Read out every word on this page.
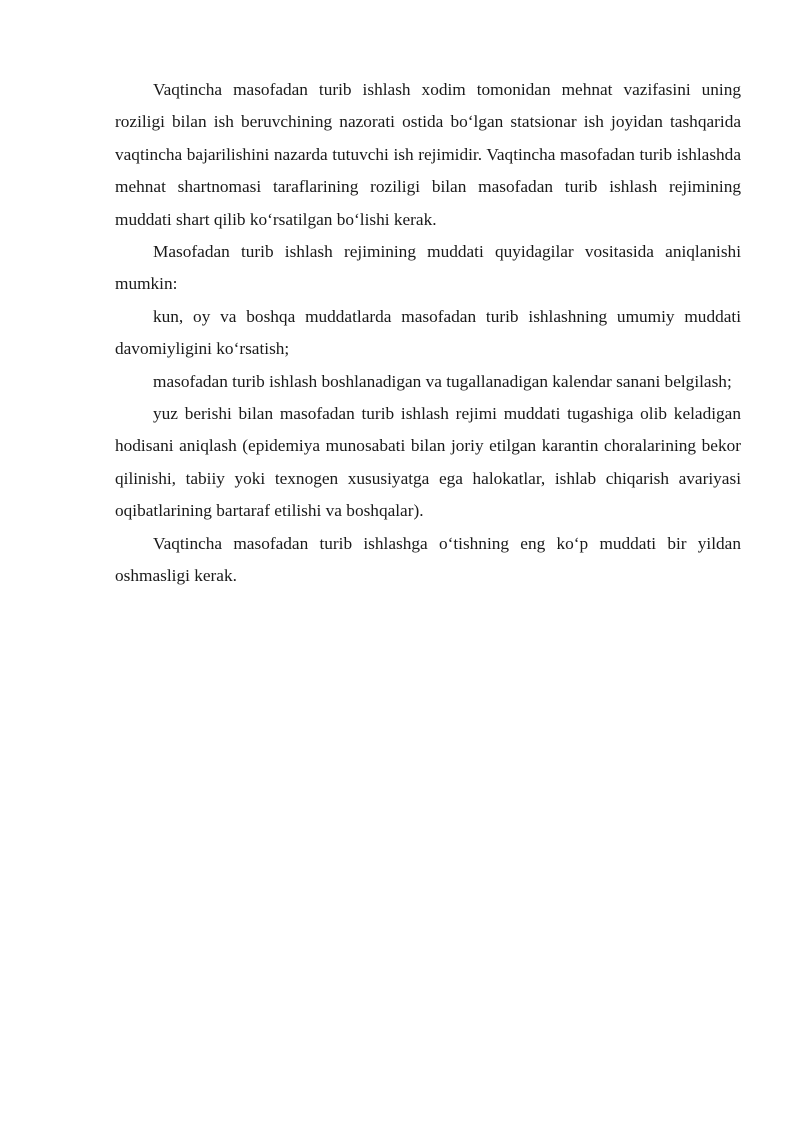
Vaqtincha masofadan turib ishlash xodim tomonidan mehnat vazifasini uning roziligi bilan ish beruvchining nazorati ostida bo‘lgan statsionar ish joyidan tashqarida vaqtincha bajarilishini nazarda tutuvchi ish rejimidir. Vaqtincha masofadan turib ishlashda mehnat shartnomasi taraflarining roziligi bilan masofadan turib ishlash rejimining muddati shart qilib ko‘rsatilgan bo‘lishi kerak.

Masofadan turib ishlash rejimining muddati quyidagilar vositasida aniqlanishi mumkin:

kun, oy va boshqa muddatlarda masofadan turib ishlashning umumiy muddati davomiyligini ko‘rsatish;

masofadan turib ishlash boshlanadigan va tugallanadigan kalendar sanani belgilash;

yuz berishi bilan masofadan turib ishlash rejimi muddati tugashiga olib keladigan hodisani aniqlash (epidemiya munosabati bilan joriy etilgan karantin choralarining bekor qilinishi, tabiiy yoki texnogen xususiyatga ega halokatlar, ishlab chiqarish avariyasi oqibatlarining bartaraf etilishi va boshqalar).

Vaqtincha masofadan turib ishlashga o‘tishning eng ko‘p muddati bir yildan oshmasligi kerak.
